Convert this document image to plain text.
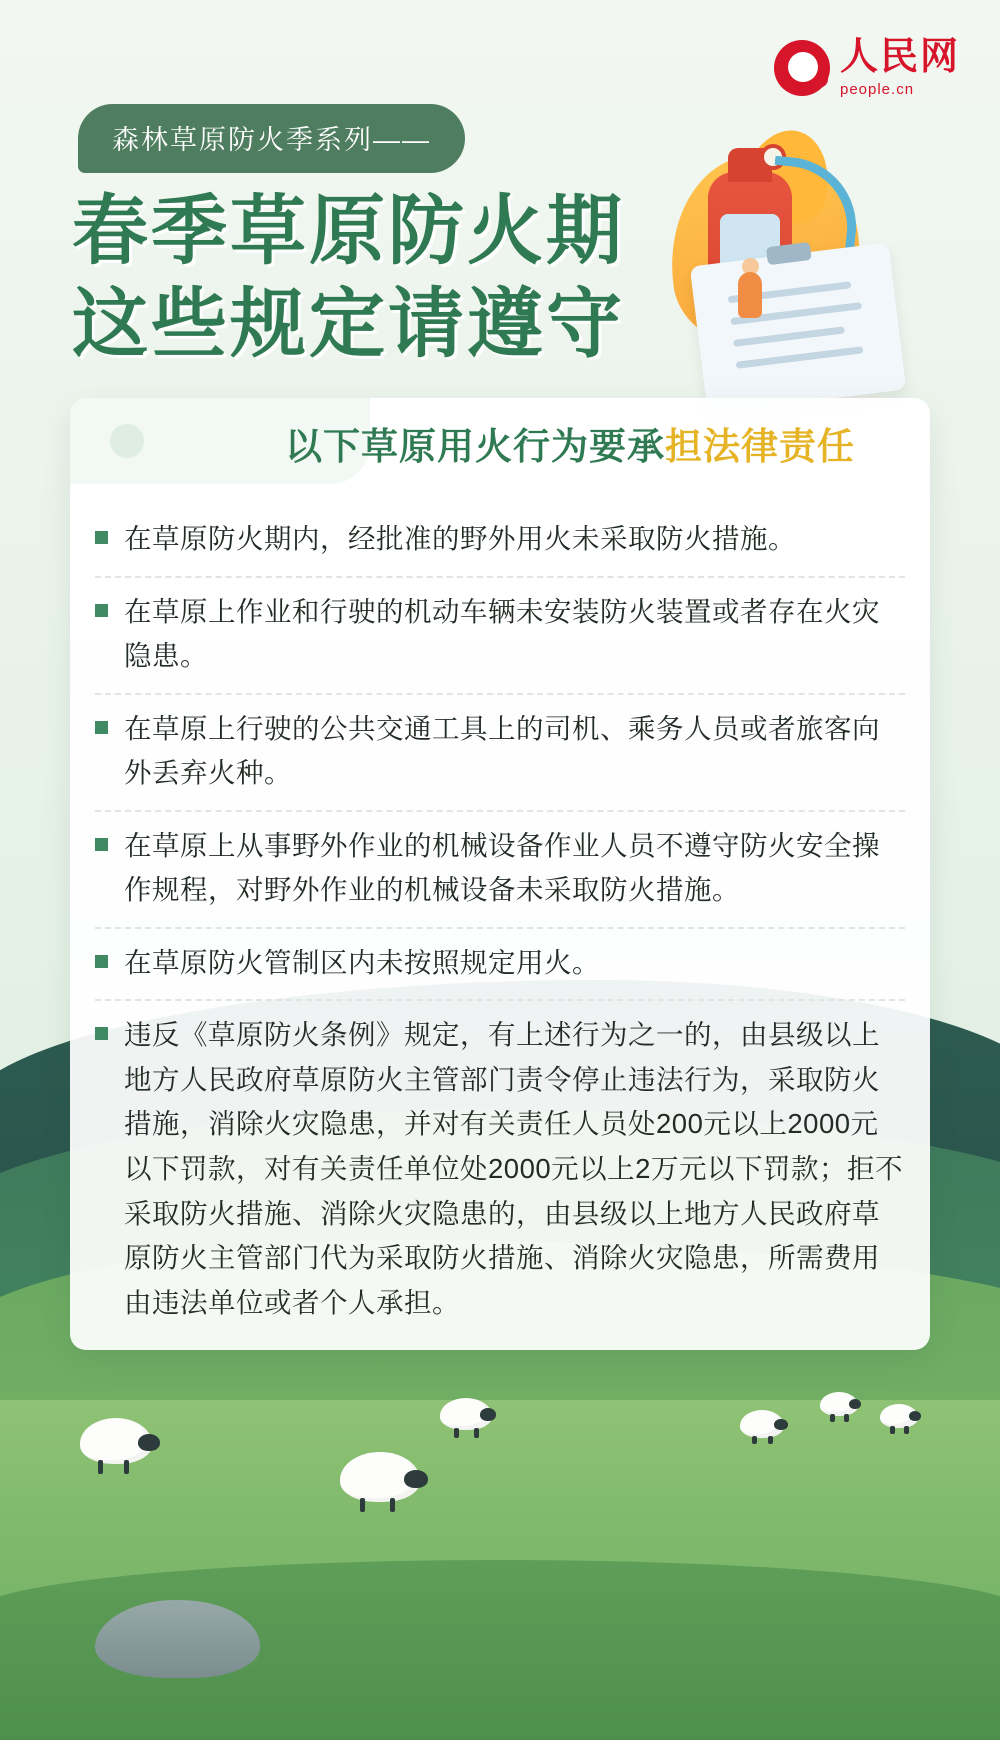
人民网
people.cn
森林草原防火季系列——
春季草原防火期
这些规定请遵守
以下草原用火行为要承担法律责任
在草原防火期内，经批准的野外用火未采取防火措施。
在草原上作业和行驶的机动车辆未安装防火装置或者存在火灾隐患。
在草原上行驶的公共交通工具上的司机、乘务人员或者旅客向外丢弃火种。
在草原上从事野外作业的机械设备作业人员不遵守防火安全操作规程，对野外作业的机械设备未采取防火措施。
在草原防火管制区内未按照规定用火。
违反《草原防火条例》规定，有上述行为之一的，由县级以上地方人民政府草原防火主管部门责令停止违法行为，采取防火措施，消除火灾隐患，并对有关责任人员处200元以上2000元以下罚款，对有关责任单位处2000元以上2万元以下罚款；拒不采取防火措施、消除火灾隐患的，由县级以上地方人民政府草原防火主管部门代为采取防火措施、消除火灾隐患，所需费用由违法单位或者个人承担。
